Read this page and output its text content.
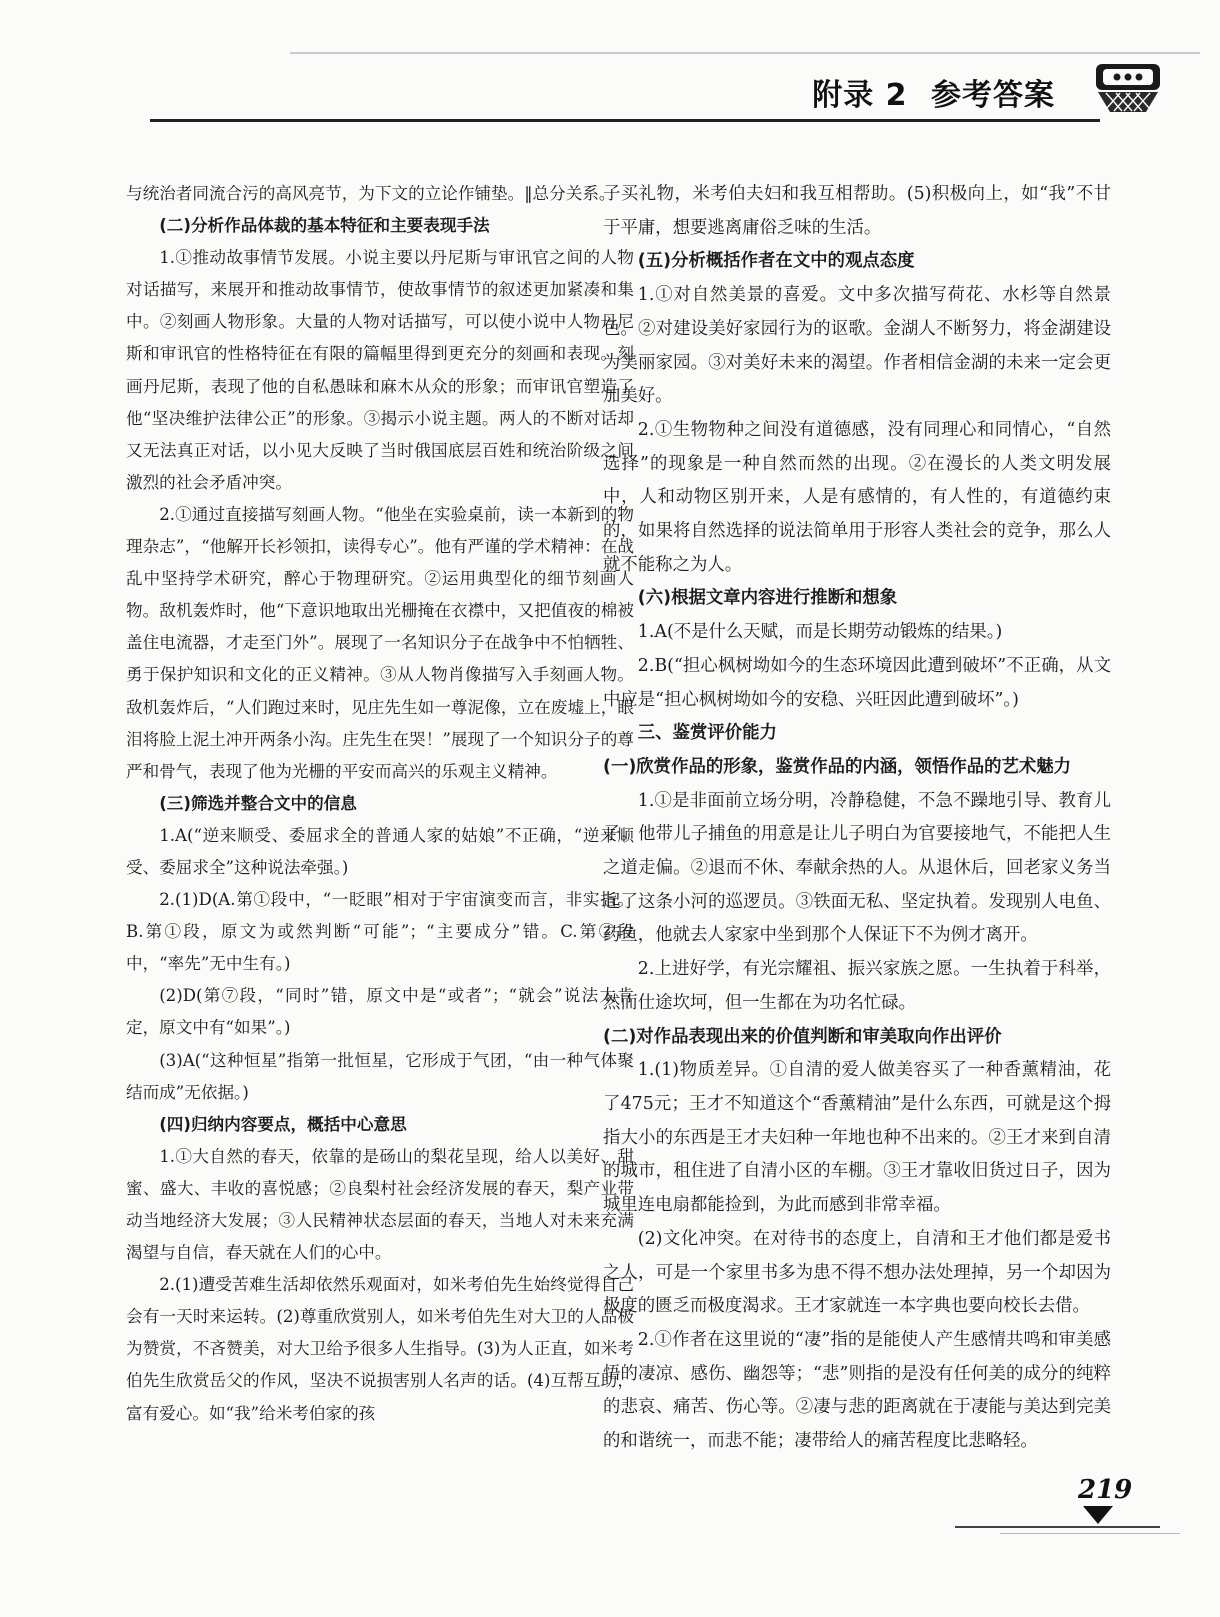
附录 2 参考答案

与统治者同流合污的高风亮节，为下文的立论作铺垫。‖总分关系。

(二)分析作品体裁的基本特征和主要表现手法

1.①推动故事情节发展。小说主要以丹尼斯与审讯官之间的人物对话描写，来展开和推动故事情节，使故事情节的叙述更加紧凑和集中。②刻画人物形象。大量的人物对话描写，可以使小说中人物丹尼斯和审讯官的性格特征在有限的篇幅里得到更充分的刻画和表现。刻画丹尼斯，表现了他的自私愚昧和麻木从众的形象；而审讯官塑造了他“坚决维护法律公正”的形象。③揭示小说主题。两人的不断对话却又无法真正对话，以小见大反映了当时俄国底层百姓和统治阶级之间激烈的社会矛盾冲突。

2.①通过直接描写刻画人物。“他坐在实验桌前，读一本新到的物理杂志”，“他解开长衫领扣，读得专心”。他有严谨的学术精神：在战乱中坚持学术研究，醉心于物理研究。②运用典型化的细节刻画人物。敌机轰炸时，他“下意识地取出光栅掩在衣襟中，又把值夜的棉被盖住电流器，才走至门外”。展现了一名知识分子在战争中不怕牺牲、勇于保护知识和文化的正义精神。③从人物肖像描写入手刻画人物。敌机轰炸后，“人们跑过来时，见庄先生如一尊泥像，立在废墟上，眼泪将脸上泥土冲开两条小沟。庄先生在哭！”展现了一个知识分子的尊严和骨气，表现了他为光栅的平安而高兴的乐观主义精神。

(三)筛选并整合文中的信息

1.A(“逆来顺受、委屈求全的普通人家的姑娘”不正确，“逆来顺受、委屈求全”这种说法牵强。)

2.(1)D(A.第①段中，“一眨眼”相对于宇宙演变而言，非实指。B.第①段，原文为或然判断“可能”；“主要成分”错。C.第②段中，“率先”无中生有。)

(2)D(第⑦段，“同时”错，原文中是“或者”；“就会”说法太肯定，原文中有“如果”。)

(3)A(“这种恒星”指第一批恒星，它形成于气团，“由一种气体聚结而成”无依据。)

(四)归纳内容要点，概括中心意思

1.①大自然的春天，依靠的是砀山的梨花呈现，给人以美好、甜蜜、盛大、丰收的喜悦感；②良梨村社会经济发展的春天，梨产业带动当地经济大发展；③人民精神状态层面的春天，当地人对未来充满渴望与自信，春天就在人们的心中。

2.(1)遭受苦难生活却依然乐观面对，如米考伯先生始终觉得自己会有一天时来运转。(2)尊重欣赏别人，如米考伯先生对大卫的人品极为赞赏，不吝赞美，对大卫给予很多人生指导。(3)为人正直，如米考伯先生欣赏岳父的作风，坚决不说损害别人名声的话。(4)互帮互助，富有爱心。如“我”给米考伯家的孩

子买礼物，米考伯夫妇和我互相帮助。(5)积极向上，如“我”不甘于平庸，想要逃离庸俗乏味的生活。

(五)分析概括作者在文中的观点态度

1.①对自然美景的喜爱。文中多次描写荷花、水杉等自然景色。②对建设美好家园行为的讴歌。金湖人不断努力，将金湖建设为美丽家园。③对美好未来的渴望。作者相信金湖的未来一定会更加美好。

2.①生物物种之间没有道德感，没有同理心和同情心，“自然选择”的现象是一种自然而然的出现。②在漫长的人类文明发展中，人和动物区别开来，人是有感情的，有人性的，有道德约束的，如果将自然选择的说法简单用于形容人类社会的竞争，那么人就不能称之为人。

(六)根据文章内容进行推断和想象

1.A(不是什么天赋，而是长期劳动锻炼的结果。)

2.B(“担心枫树坳如今的生态环境因此遭到破坏”不正确，从文中应是“担心枫树坳如今的安稳、兴旺因此遭到破坏”。)

三、鉴赏评价能力
(一)欣赏作品的形象，鉴赏作品的内涵，领悟作品的艺术魅力

1.①是非面前立场分明，冷静稳健，不急不躁地引导、教育儿子。他带儿子捕鱼的用意是让儿子明白为官要接地气，不能把人生之道走偏。②退而不休、奉献余热的人。从退休后，回老家义务当起了这条小河的巡逻员。③铁面无私、坚定执着。发现别人电鱼、药鱼，他就去人家家中坐到那个人保证下不为例才离开。

2.上进好学，有光宗耀祖、振兴家族之愿。一生执着于科举，然而仕途坎坷，但一生都在为功名忙碌。

(二)对作品表现出来的价值判断和审美取向作出评价

1.(1)物质差异。①自清的爱人做美容买了一种香薰精油，花了475元；王才不知道这个“香薰精油”是什么东西，可就是这个拇指大小的东西是王才夫妇种一年地也种不出来的。②王才来到自清的城市，租住进了自清小区的车棚。③王才靠收旧货过日子，因为城里连电扇都能捡到，为此而感到非常幸福。

(2)文化冲突。在对待书的态度上，自清和王才他们都是爱书之人，可是一个家里书多为患不得不想办法处理掉，另一个却因为极度的匮乏而极度渴求。王才家就连一本字典也要向校长去借。

2.①作者在这里说的“凄”指的是能使人产生感情共鸣和审美感悟的凄凉、感伤、幽怨等；“悲”则指的是没有任何美的成分的纯粹的悲哀、痛苦、伤心等。②凄与悲的距离就在于凄能与美达到完美的和谐统一，而悲不能；凄带给人的痛苦程度比悲略轻。

219
